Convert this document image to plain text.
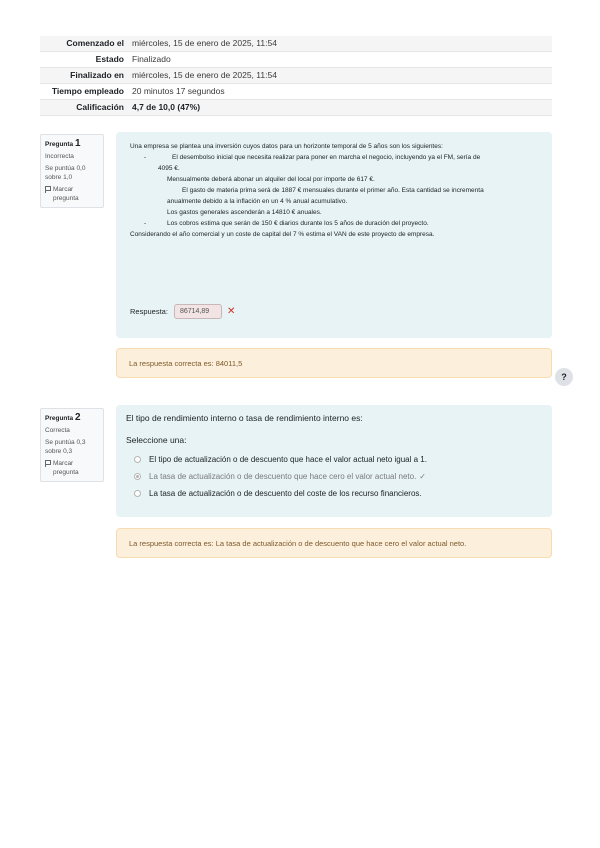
Comenzado el miércoles, 15 de enero de 2025, 11:54
Estado Finalizado
Finalizado en miércoles, 15 de enero de 2025, 11:54
Tiempo empleado 20 minutos 17 segundos
Calificación 4,7 de 10,0 (47%)
Pregunta 1
Incorrecta
Se puntúa 0,0
sobre 1,0
Marcar
pregunta

Una empresa se plantea una inversión cuyos datos para un horizonte temporal de 5 años son los siguientes:

- El desembolso inicial que necesita realizar para poner en marcha el negocio, incluyendo ya el FM, sería de

4095 €.

Mensualmente deberá abonar un alquiler del local por importe de 617 €.

El gasto de materia prima será de 1887 € mensuales durante el primer año. Esta cantidad se incrementa

anualmente debido a la inflación en un 4 % anual acumulativo.

Los gastos generales ascenderán a 14810 € anuales.

- Los cobros estima que serán de 150 € diarios durante los 5 años de duración del proyecto.

Considerando el año comercial y un coste de capital del 7 % estima el VAN de este proyecto de empresa.

Respuesta:	86714,89	✕
La respuesta correcta es: 84011,5
?
Pregunta 2
Correcta
Se puntúa 0,3
sobre 0,3
Marcar
pregunta
El tipo de rendimiento interno o tasa de rendimiento interno es:
Seleccione una:
El tipo de actualización o de descuento que hace el valor actual neto igual a 1.
La tasa de actualización o de descuento que hace cero el valor actual neto. ✓
La tasa de actualización o de descuento del coste de los recurso financieros.
La respuesta correcta es: La tasa de actualización o de descuento que hace cero el valor actual neto.
